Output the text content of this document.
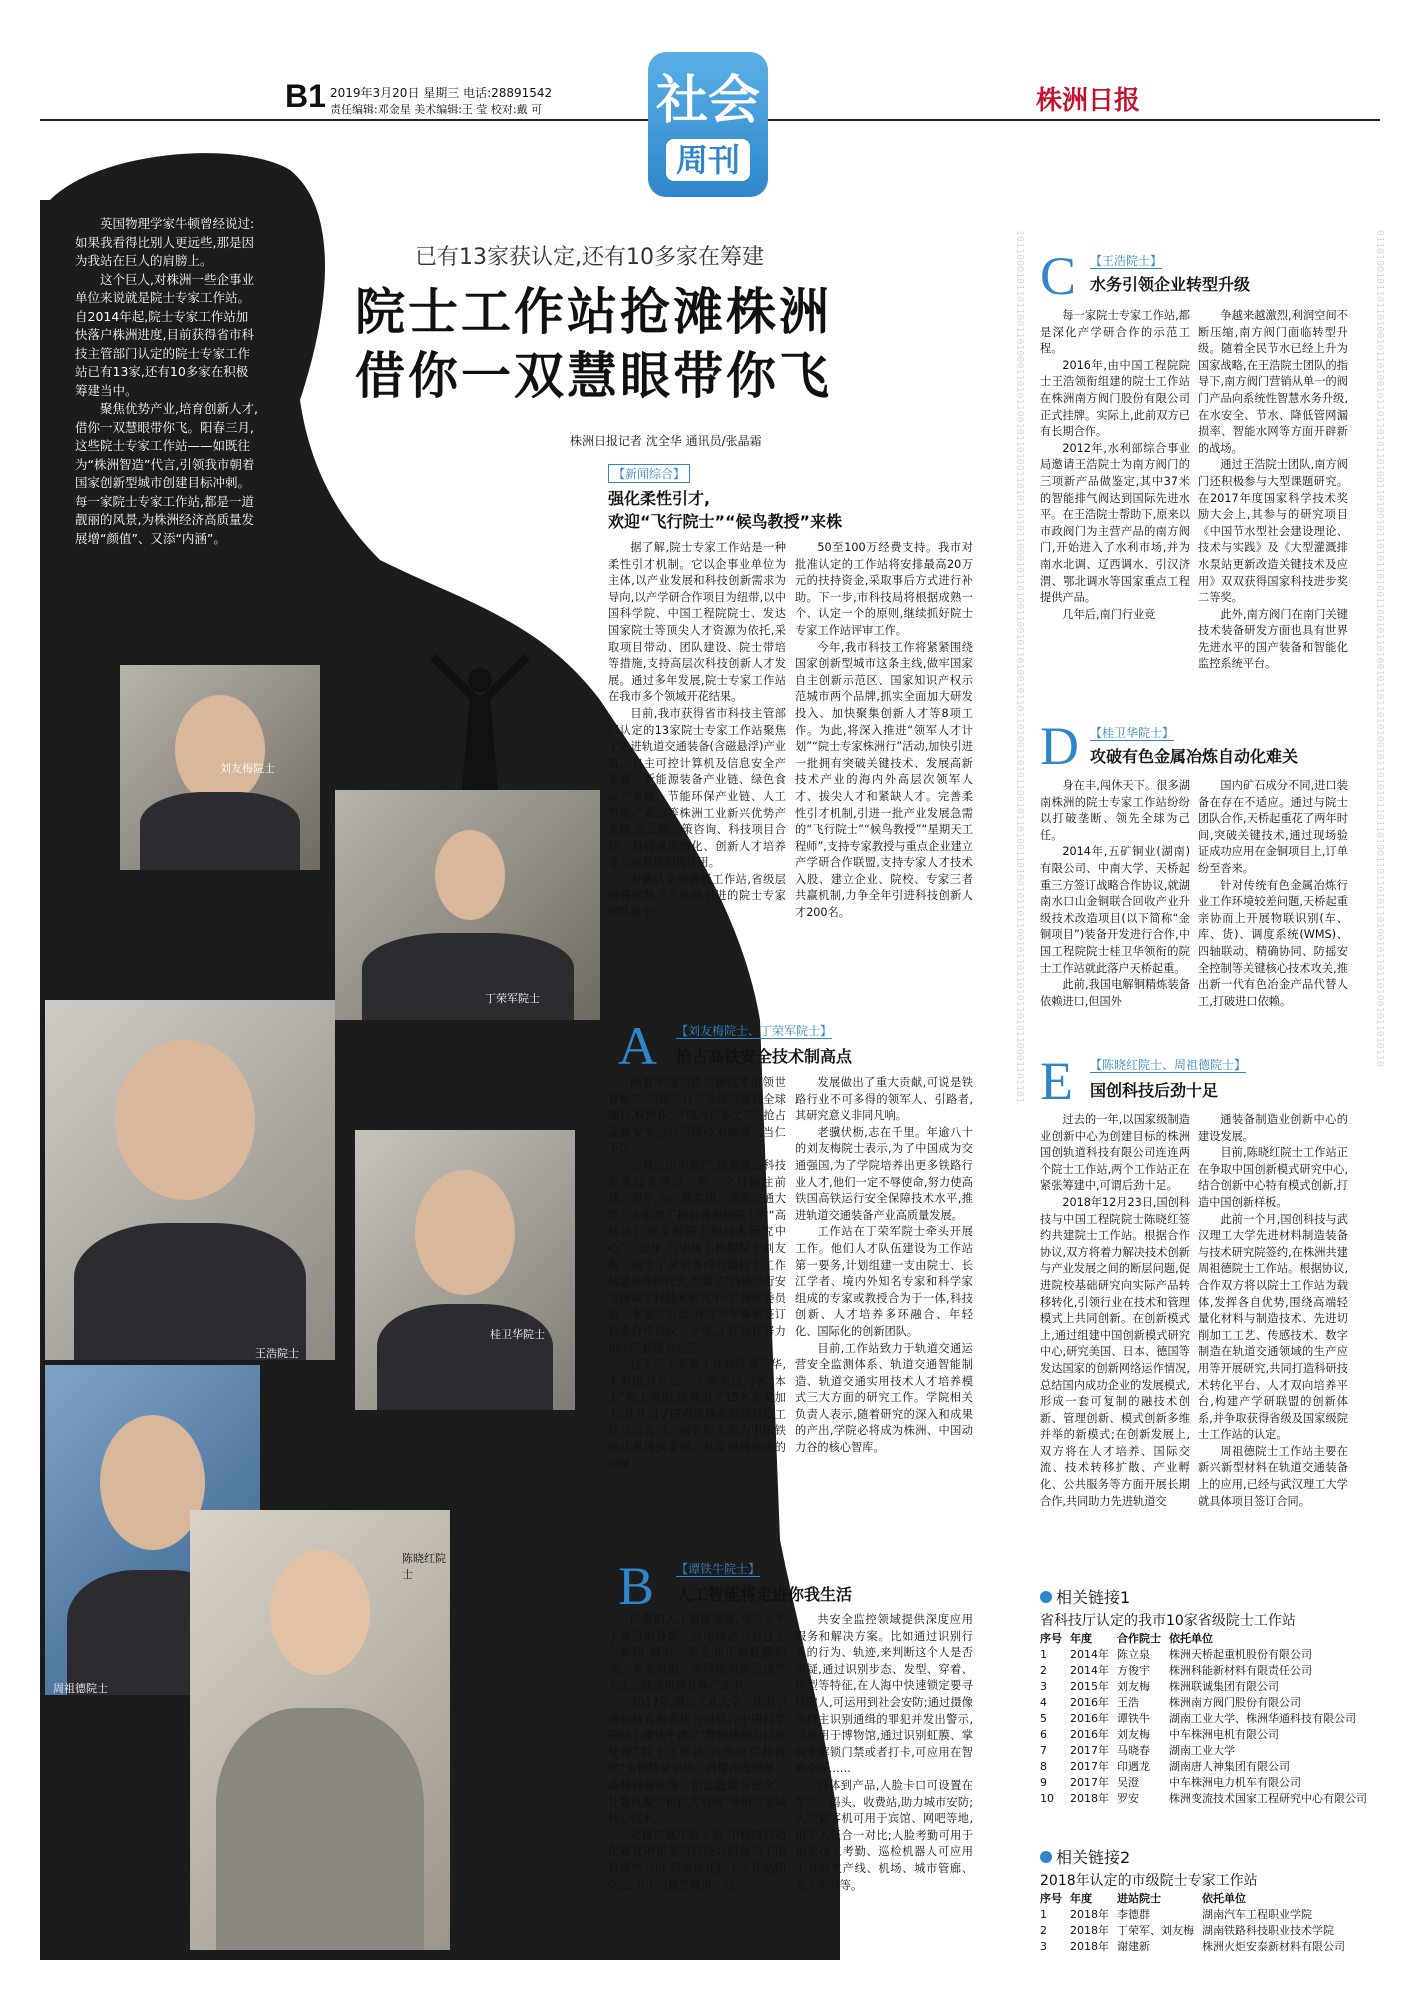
B1 2019年3月20日 星期三 电话:28891542
责任编辑:邓金星 美术编辑:王 莹 校对:戴 可 社会
周刊
株洲日报
1011000101101100110100011010110010110100110101101011000101101001100101101001011011010011010110010110100110100101101100101101101011010110001101101	0110100101101101001011010010110110101101001101001011010110100110010110100101101101010010110101011011010011011010110100101101101001011010110

英国物理学家牛顿曾经说过:如果我看得比别人更远些,那是因为我站在巨人的肩膀上。

这个巨人,对株洲一些企事业单位来说就是院士专家工作站。自2014年起,院士专家工作站加快落户株洲进度,目前获得省市科技主管部门认定的院士专家工作站已有13家,还有10多家在积极筹建当中。

聚焦优势产业,培育创新人才,借你一双慧眼带你飞。阳春三月,这些院士专家工作站——如既往为“株洲智造”代言,引领我市朝着国家创新型城市创建目标冲刺。每一家院士专家工作站,都是一道靓丽的风景,为株洲经济高质量发展增“颜值”、又添“内涵”。

刘友梅院士
丁荣军院士
王浩院士
桂卫华院士
周祖德院士
陈晓红院士
已有13家获认定,还有10多家在筹建
院士工作站抢滩株洲
借你一双慧眼带你飞
株洲日报记者 沈全华 通讯员/张晶霜
【新闻综合】
强化柔性引才,
欢迎“飞行院士”“候鸟教授”来株

据了解,院士专家工作站是一种柔性引才机制。它以企事业单位为主体,以产业发展和科技创新需求为导向,以产学研合作项目为纽带,以中国科学院、中国工程院院士、发达国家院士等顶尖人才资源为依托,采取项目带动、团队建设、院士带培等措施,支持高层次科技创新人才发展。通过多年发展,院士专家工作站在我市多个领域开花结果。

目前,我市获得省市科技主管部门认定的13家院士专家工作站聚焦于先进轨道交通装备(含磁悬浮)产业链、自主可控计算机及信息安全产业链、新能源装备产业链、绿色食品产业链、节能环保产业链、人工智能产业链等株洲工业新兴优势产业链,在战略决策咨询、科技项目合作、科技成果转化、创新人才培养等方面发挥积极作用。

对新认定的省级工作站,省级层面将优给予工作站引进的院士专家团队每个

50至100万经费支持。我市对批准认定的工作站将安排最高20万元的扶持资金,采取事后方式进行补助。下一步,市科技局将根据成熟一个、认定一个的原则,继续抓好院士专家工作站评审工作。

今年,我市科技工作将紧紧围绕国家创新型城市这条主线,做牢国家自主创新示范区、国家知识产权示范城市两个品牌,抓实全面加大研发投入、加快聚集创新人才等8项工作。为此,将深入推进“领军人才计划”“院士专家株洲行”活动,加快引进一批拥有突破关键技术、发展高新技术产业的海内外高层次领军人才、拔尖人才和紧缺人才。完善柔性引才机制,引进一批产业发展急需的“飞行院士”“候鸟教授”“星期天工程师”,支持专家教授与重点企业建立产学研合作联盟,支持专家人才技术入股、建立企业、院校、专家三者共赢机制,力争全年引进科技创新人才200名。

A 【刘友梅院士、丁荣军院士】
抢占高铁安全技术制高点

随着中国高铁装备技术引领世界标准,高铁运行安全保障受到全球瞩目,株洲作为“电力机车之都”,抢占高铁安全运行保障技术制高点当仁不让。

究竟有山不敢拦,湖南铁路科技职业技术学院一年一个目标往前推。前年,与广铁集团、西南交通大学三方组建了拥有湖南院院士的“高铁运行安全保障工程技术研究中心”。去年,与中国工程院院士刘友梅、院士丁荣军签约共建院士工作站建站签约仪式,创建了“高铁运行安全保障工程技术研究中心”智库委员会、专家委员会,并与中车株机签订校企合作协议。今年,工作站在努力由中级晋级为省级。

这个院士专家工作站阵容豪华,不但由刘友梅、丁荣军这两名“本土”院士领衔,还吸引了15名专家加入,且开创了国内铁路高职院校设工作站的先河。两名院士都为中国铁路从普速到重载、从常速到高速的突破

发展做出了重大贡献,可说是铁路行业不可多得的领军人、引路者,其研究意义非同凡响。

老骥伏枥,志在千里。年逾八十的刘友梅院士表示,为了中国成为交通强国,为了学院培养出更多铁路行业人才,他们一定不辱使命,努力使高铁国高铁运行安全保障技术水平,推进轨道交通装备产业高质量发展。

工作站在丁荣军院士牵头开展工作。他们人才队伍建设为工作站第一要务,计划组建一支由院士、长江学者、境内外知名专家和科学家组成的专家或教授合为于一体,科技创新、人才培养多环融合、年轻化、国际化的创新团队。

目前,工作站致力于轨道交通运营安全监测体系、轨道交通智能制造、轨道交通实用技术人才培养模式三大方面的研究工作。学院相关负责人表示,随着研究的深入和成果的产出,学院必将成为株洲、中国动力谷的核心智库。

B 【谭铁牛院士】
人工智能将走进你我生活

时髦的人工智能领域,当然少不了株洲的身影。在中国动力谷自主创新园,就有一家企业正将虹膜识别、步态识别、多特征识别等这些人工智能应用到具体产品中。

2017年,湖南工业大学、株洲华通科技有限责任公司联合中国科学院院士谭铁牛建立“智能感知与信息处理”院士工作站,合作攻克和转化“生物特征识别、图像深度理解、高精视频处理、信息隐藏与安全、计算机视觉和模式识别”等相关领域核心技术。

对接谭铁牛院士后,中科院自动化研究所和华通科技共同发起了中科晴空公司,后者依托院士工作站团队,致力于向智慧城市、公

共安全监控领域提供深度应用服务和解决方案。比如通过识别行人的行为、轨迹,来判断这个人是否可疑,通过识别步态、发型、穿着、体型等特征,在人海中快速锁定要寻找的人,可运用到社会安防;通过摄像头自主识别通缉的罪犯并发出警示,可应用于博物馆,通过识别虹膜、掌纹来解锁门禁或者打卡,可应用在智能小区……

具体到产品,人脸卡口可设置在车站、码头、收费站,助力城市安防;人脸访客机可用于宾馆、网吧等地,用于人证合一对比;人脸考勤可用于企业员工考勤、巡检机器人可应用于食品生产线、机场、城市管廊、无人车间等。

C 【王浩院士】
水务引领企业转型升级

每一家院士专家工作站,都是深化产学研合作的示范工程。

2016年,由中国工程院院士王浩领衔组建的院士工作站在株洲南方阀门股份有限公司正式挂牌。实际上,此前双方已有长期合作。

2012年,水利部综合事业局邀请王浩院士为南方阀门的三项新产品做鉴定,其中37米的智能排气阀达到国际先进水平。在王浩院士帮助下,原来以市政阀门为主营产品的南方阀门,开始进入了水利市场,并为南水北调、辽西调水、引汉济渭、鄂北调水等国家重点工程提供产品。

几年后,南门行业竞

争越来越激烈,利润空间不断压缩,南方阀门面临转型升级。随着全民节水已经上升为国家战略,在王浩院士团队的指导下,南方阀门营销从单一的阀门产品向系统性智慧水务升级,在水安全、节水、降低管网漏损率、智能水网等方面开辟新的战场。

通过王浩院士团队,南方阀门还积极参与大型课题研究。在2017年度国家科学技术奖励大会上,其参与的研究项目《中国节水型社会建设理论、技术与实践》及《大型灌溉排水泵站更新改造关键技术及应用》双双获得国家科技进步奖二等奖。

此外,南方阀门在南门关键技术装备研发方面也具有世界先进水平的国产装备和智能化监控系统平台。

D 【桂卫华院士】
攻破有色金属冶炼自动化难关

身在丰,闯休天下。很多湖南株洲的院士专家工作站纷纷以打破垄断、领先全球为己任。

2014年,五矿铜业(湖南)有限公司、中南大学、天桥起重三方签订战略合作协议,就湖南水口山金铜联合回收产业升级技术改造项目(以下简称“金铜项目”)装备开发进行合作,中国工程院院士桂卫华领衔的院士工作站就此落户天桥起重。

此前,我国电解铜精炼装备依赖进口,但国外

国内矿石成分不同,进口装备在存在不适应。通过与院士团队合作,天桥起重花了两年时间,突破关键技术,通过现场验证成功应用在金铜项目上,订单纷至沓来。

针对传统有色金属冶炼行业工作环境较差问题,天桥起重亲协而上开展物联识别(车、库、货)、调度系统(WMS)、四轴联动、精确协同、防摇安全控制等关键核心技术攻关,推出新一代有色冶金产品代替人工,打破进口依赖。

E 【陈晓红院士、周祖德院士】
国创科技后劲十足

过去的一年,以国家级制造业创新中心为创建目标的株洲国创轨道科技有限公司连连两个院士工作站,两个工作站正在紧张筹建中,可谓后劲十足。

2018年12月23日,国创科技与中国工程院院士陈晓红签约共建院士工作站。根据合作协议,双方将着力解决技术创新与产业发展之间的断层问题,促进院校基础研究向实际产品转移转化,引领行业在技术和管理模式上共同创新。在创新模式上,通过组建中国创新模式研究中心,研究美国、日本、德国等发达国家的创新网络运作情况,总结国内成功企业的发展模式,形成一套可复制的融技术创新、管理创新、模式创新多维并举的新模式;在创新发展上,双方将在人才培养、国际交流、技术转移扩散、产业孵化、公共服务等方面开展长期合作,共同助力先进轨道交

通装备制造业创新中心的建设发展。

目前,陈晓红院士工作站正在争取中国创新模式研究中心,结合创新中心特有模式创新,打造中国创新样板。

此前一个月,国创科技与武汉理工大学先进材料制造装备与技术研究院签约,在株洲共建周祖德院士工作站。根据协议,合作双方将以院士工作站为载体,发挥各自优势,围绕高端轻量化材料与制造技术、先进切削加工工艺、传感技术、数字制造在轨道交通领域的生产应用等开展研究,共同打造科研技术转化平台、人才双向培养平台,构建产学研联盟的创新体系,并争取获得省级及国家级院士工作站的认定。

周祖德院士工作站主要在新兴新型材料在轨道交通装备上的应用,已经与武汉理工大学就具体项目签订合同。

相关链接1
省科技厅认定的我市10家省级院士工作站
序号	年度	合作院士	依托单位
1	2014年	陈立泉	株洲天桥起重机股份有限公司
2	2014年	方俊宇	株洲科能新材料有限责任公司
3	2015年	刘友梅	株洲联诚集团有限公司
4	2016年	王浩	株洲南方阀门股份有限公司
5	2016年	谭铁牛	湖南工业大学、株洲华通科技有限公司
6	2016年	刘友梅	中车株洲电机有限公司
7	2017年	马晓春	湖南工业大学
8	2017年	印遇龙	湖南唐人神集团有限公司
9	2017年	吴澄	中车株洲电力机车有限公司
10	2018年	罗安	株洲变流技术国家工程研究中心有限公司
相关链接2
2018年认定的市级院士专家工作站
序号	年度	进站院士	依托单位
1	2018年	李德群	湖南汽车工程职业学院
2	2018年	丁荣军、刘友梅	湖南铁路科技职业技术学院
3	2018年	谢建新	株洲火炬安泰新材料有限公司
